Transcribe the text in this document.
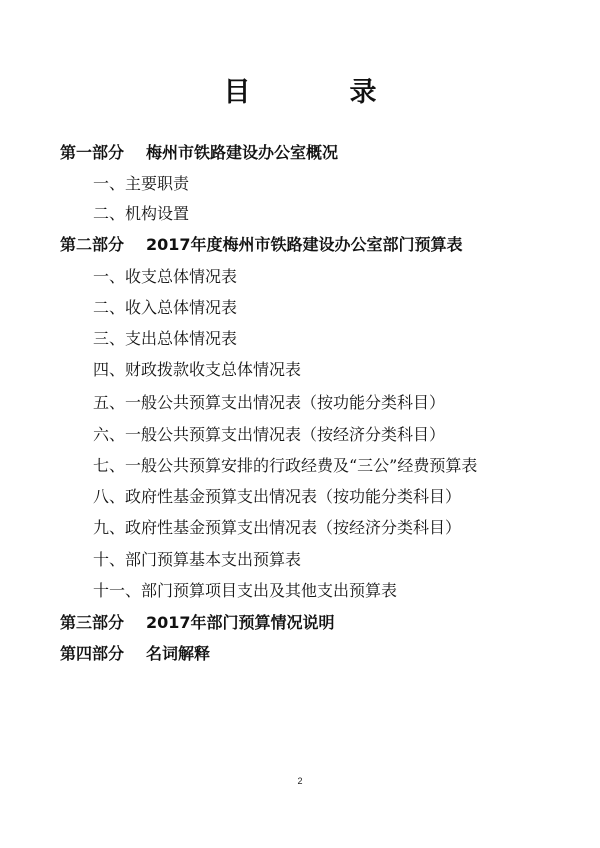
目　录
第一部分 梅州市铁路建设办公室概况
一、主要职责
二、机构设置
第二部分 2017年度梅州市铁路建设办公室部门预算表
一、收支总体情况表
二、收入总体情况表
三、支出总体情况表
四、财政拨款收支总体情况表
五、一般公共预算支出情况表（按功能分类科目）
六、一般公共预算支出情况表（按经济分类科目）
七、一般公共预算安排的行政经费及“三公”经费预算表
八、政府性基金预算支出情况表（按功能分类科目）
九、政府性基金预算支出情况表（按经济分类科目）
十、部门预算基本支出预算表
十一、部门预算项目支出及其他支出预算表
第三部分 2017年部门预算情况说明
第四部分 名词解释
2
